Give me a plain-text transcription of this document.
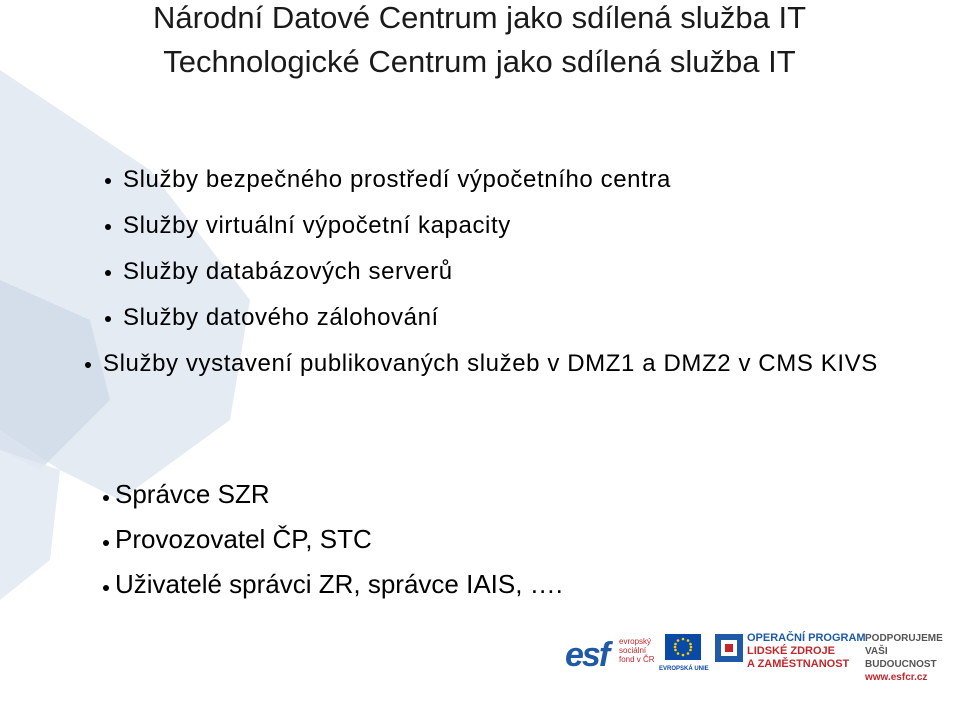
Národní Datové Centrum jako sdílená služba IT
Technologické Centrum jako sdílená služba IT
Služby bezpečného prostředí výpočetního centra
Služby virtuální výpočetní kapacity
Služby databázových serverů
Služby datového zálohování
Služby vystavení publikovaných služeb v DMZ1 a DMZ2 v CMS KIVS
Správce SZR
Provozovatel ČP, STC
Uživatelé správci ZR, správce IAIS, ….
esf evropský sociální fond v ČR
EVROPSKÁ UNIE
OPERAČNÍ PROGRAM
LIDSKÉ ZDROJE
A ZAMĚSTNANOST
PODPORUJEME
VAŠI BUDOUCNOST
www.esfcr.cz
